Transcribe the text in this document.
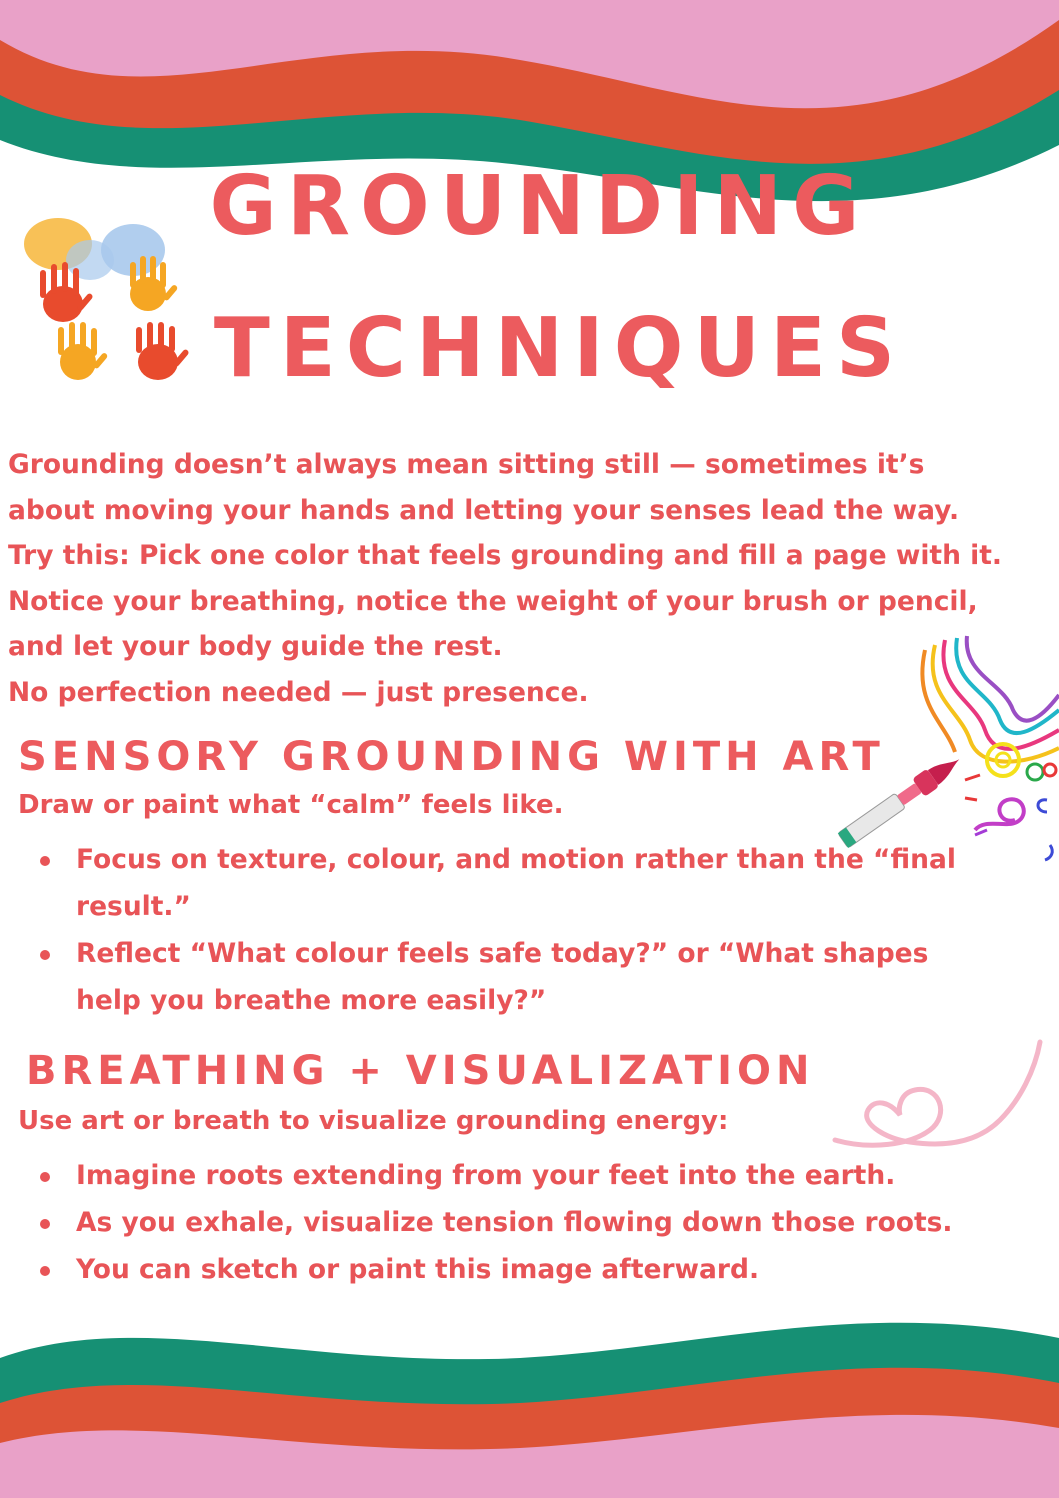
GROUNDING
TECHNIQUES

Grounding doesn’t always mean sitting still — sometimes it’s

about moving your hands and letting your senses lead the way.

Try this: Pick one color that feels grounding and fill a page with it.

Notice your breathing, notice the weight of your brush or pencil,

and let your body guide the rest.

No perfection needed — just presence.

SENSORY GROUNDING WITH ART
Draw or paint what “calm” feels like.
Focus on texture, colour, and motion rather than the “final result.”
Reflect “What colour feels safe today?” or “What shapes help you breathe more easily?”
BREATHING + VISUALIZATION
Use art or breath to visualize grounding energy:
Imagine roots extending from your feet into the earth.
As you exhale, visualize tension flowing down those roots.
You can sketch or paint this image afterward.
